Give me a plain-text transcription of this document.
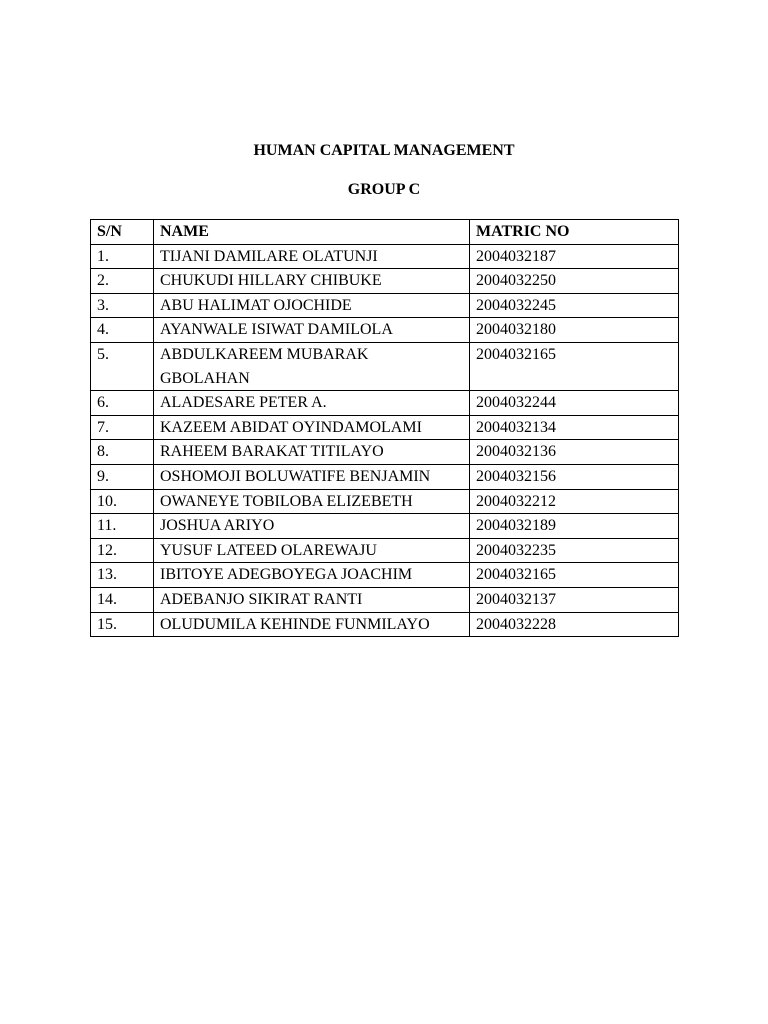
HUMAN CAPITAL MANAGEMENT
GROUP C
S/N	NAME	MATRIC NO
1.	TIJANI DAMILARE OLATUNJI	2004032187
2.	CHUKUDI HILLARY CHIBUKE	2004032250
3.	ABU HALIMAT OJOCHIDE	2004032245
4.	AYANWALE ISIWAT DAMILOLA	2004032180
5.	ABDULKAREEM MUBARAK GBOLAHAN	2004032165
6.	ALADESARE PETER A.	2004032244
7.	KAZEEM ABIDAT OYINDAMOLAMI	2004032134
8.	RAHEEM BARAKAT TITILAYO	2004032136
9.	OSHOMOJI BOLUWATIFE BENJAMIN	2004032156
10.	OWANEYE TOBILOBA ELIZEBETH	2004032212
11.	JOSHUA ARIYO	2004032189
12.	YUSUF LATEED OLAREWAJU	2004032235
13.	IBITOYE ADEGBOYEGA JOACHIM	2004032165
14.	ADEBANJO SIKIRAT RANTI	2004032137
15.	OLUDUMILA KEHINDE FUNMILAYO	2004032228
